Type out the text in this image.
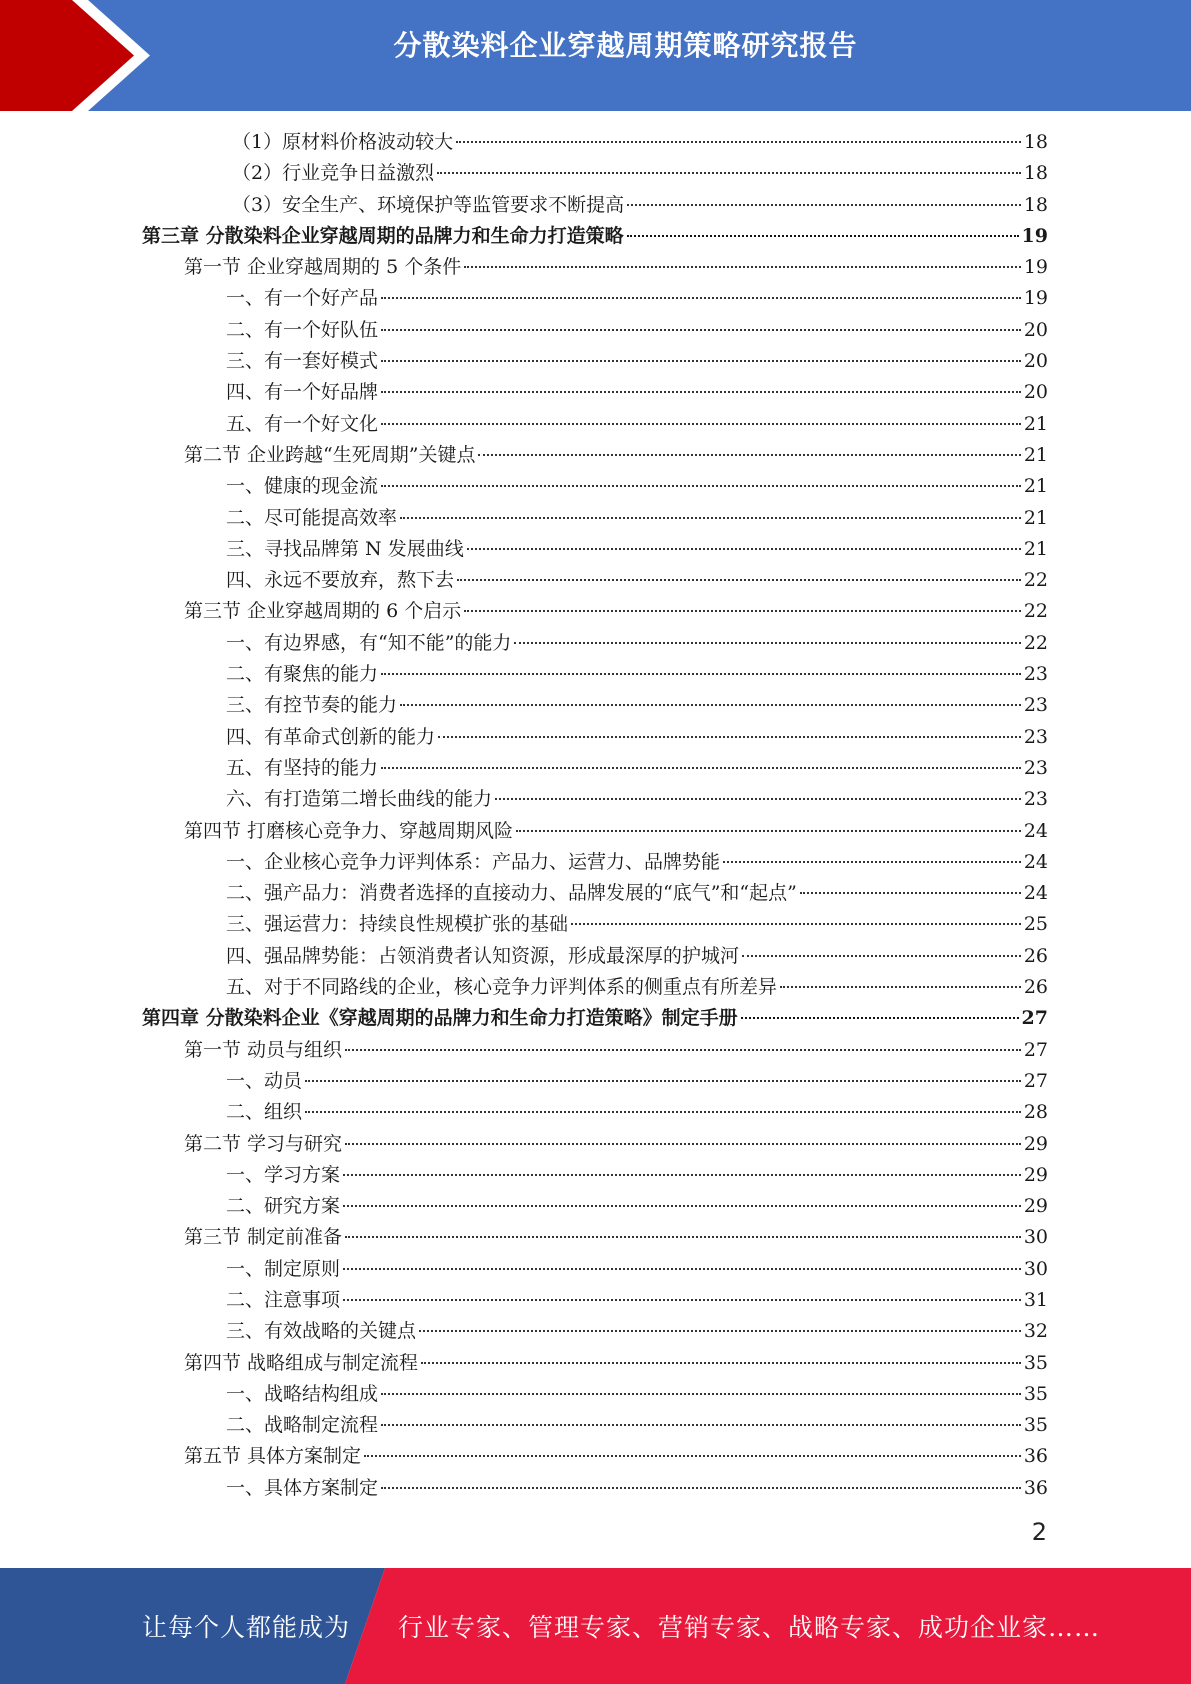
分散染料企业穿越周期策略研究报告
（1）原材料价格波动较大	18
（2）行业竞争日益激烈	18
（3）安全生产、环境保护等监管要求不断提高	18
第三章 分散染料企业穿越周期的品牌力和生命力打造策略	19
第一节 企业穿越周期的 5 个条件	19
一、有一个好产品	19
二、有一个好队伍	20
三、有一套好模式	20
四、有一个好品牌	20
五、有一个好文化	21
第二节 企业跨越“生死周期”关键点	21
一、健康的现金流	21
二、尽可能提高效率	21
三、寻找品牌第 N 发展曲线	21
四、永远不要放弃，熬下去	22
第三节 企业穿越周期的 6 个启示	22
一、有边界感，有“知不能”的能力	22
二、有聚焦的能力	23
三、有控节奏的能力	23
四、有革命式创新的能力	23
五、有坚持的能力	23
六、有打造第二增长曲线的能力	23
第四节 打磨核心竞争力、穿越周期风险	24
一、企业核心竞争力评判体系：产品力、运营力、品牌势能	24
二、强产品力：消费者选择的直接动力、品牌发展的“底气”和“起点”	24
三、强运营力：持续良性规模扩张的基础	25
四、强品牌势能：占领消费者认知资源，形成最深厚的护城河	26
五、对于不同路线的企业，核心竞争力评判体系的侧重点有所差异	26
第四章 分散染料企业《穿越周期的品牌力和生命力打造策略》制定手册	27
第一节 动员与组织	27
一、动员	27
二、组织	28
第二节 学习与研究	29
一、学习方案	29
二、研究方案	29
第三节 制定前准备	30
一、制定原则	30
二、注意事项	31
三、有效战略的关键点	32
第四节 战略组成与制定流程	35
一、战略结构组成	35
二、战略制定流程	35
第五节 具体方案制定	36
一、具体方案制定	36
2
让每个人都能成为 行业专家、管理专家、营销专家、战略专家、成功企业家……
